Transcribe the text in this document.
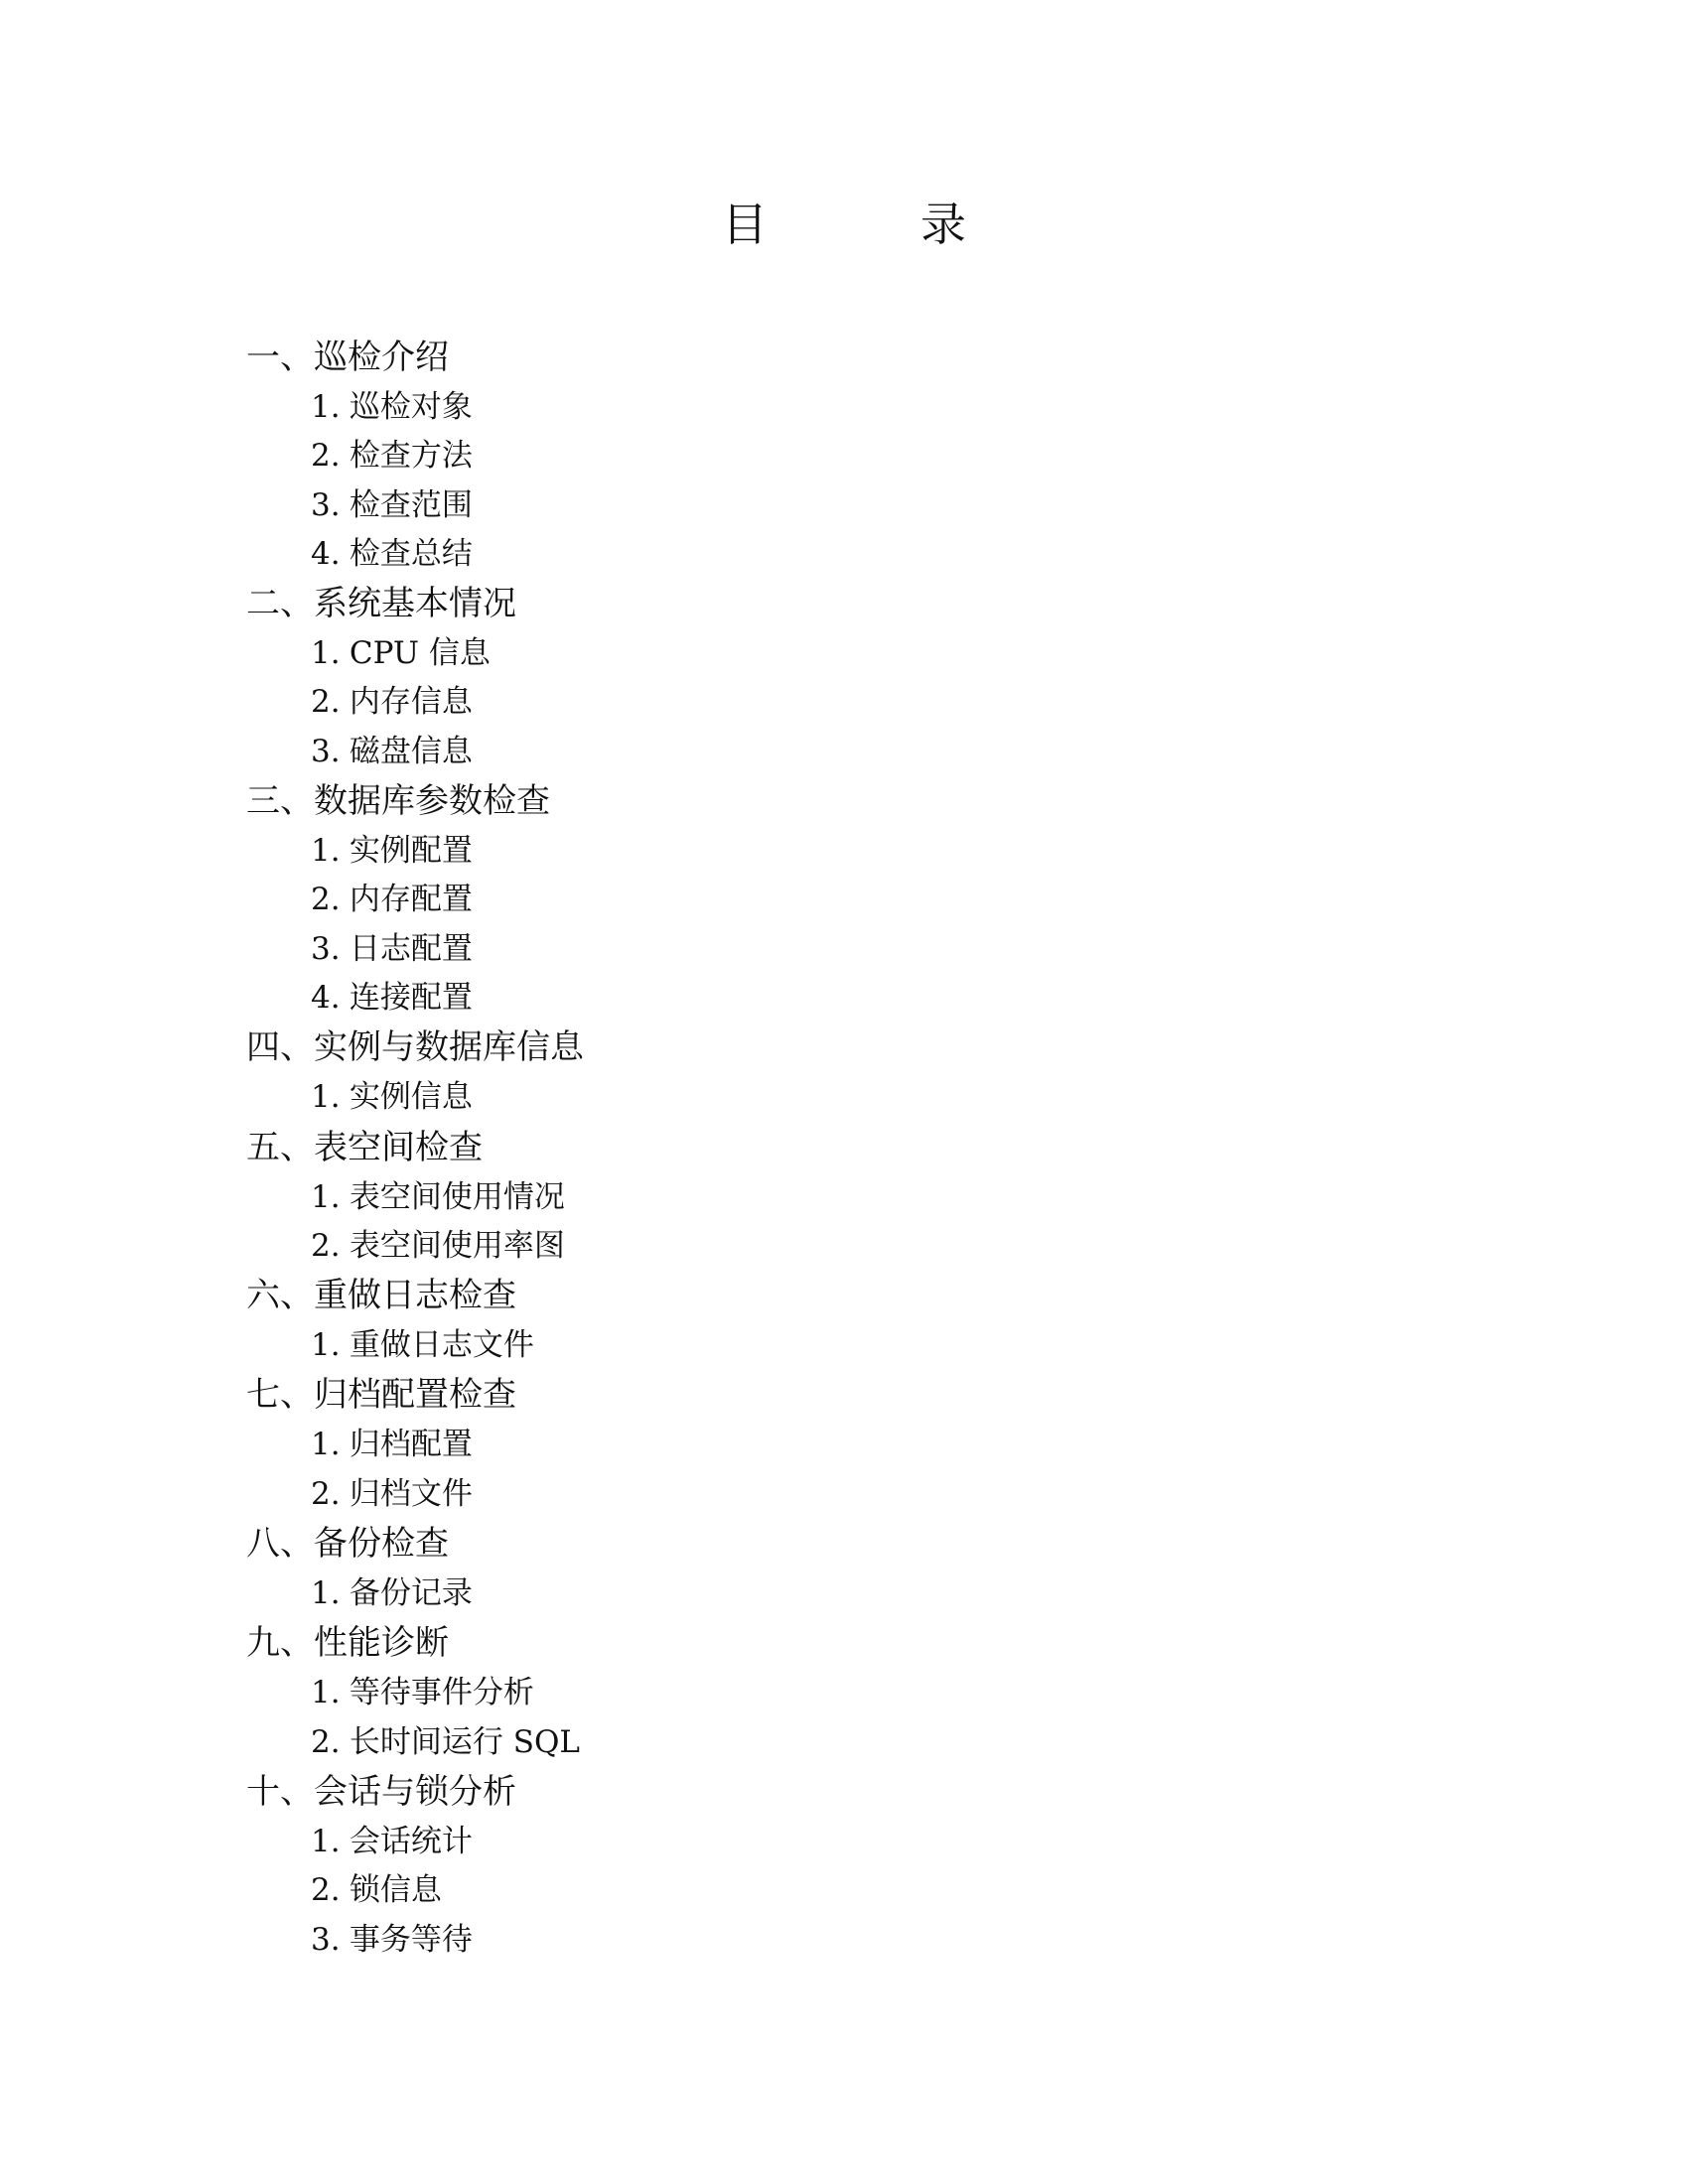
目　录
一、巡检介绍
1. 巡检对象
2. 检查方法
3. 检查范围
4. 检查总结
二、系统基本情况
1. CPU 信息
2. 内存信息
3. 磁盘信息
三、数据库参数检查
1. 实例配置
2. 内存配置
3. 日志配置
4. 连接配置
四、实例与数据库信息
1. 实例信息
五、表空间检查
1. 表空间使用情况
2. 表空间使用率图
六、重做日志检查
1. 重做日志文件
七、归档配置检查
1. 归档配置
2. 归档文件
八、备份检查
1. 备份记录
九、性能诊断
1. 等待事件分析
2. 长时间运行 SQL
十、会话与锁分析
1. 会话统计
2. 锁信息
3. 事务等待
